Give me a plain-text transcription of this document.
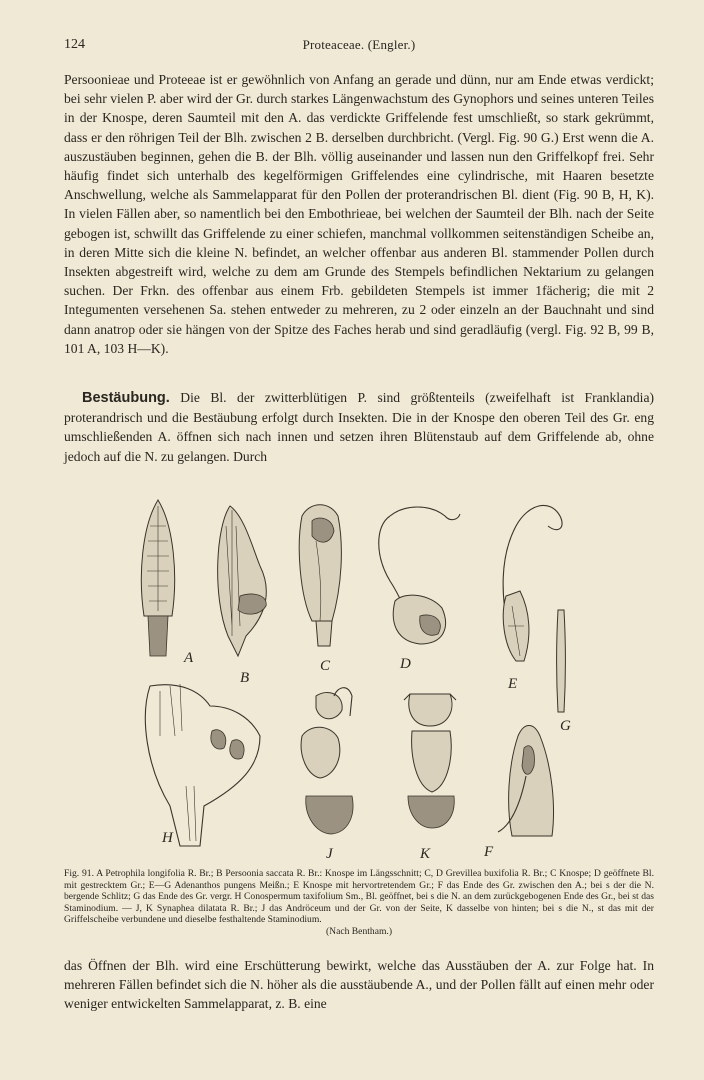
124	Proteaceae. (Engler.)

Persoonieae und Proteeae ist er gewöhnlich von Anfang an gerade und dünn, nur am Ende etwas verdickt; bei sehr vielen P. aber wird der Gr. durch starkes Längenwachstum des Gynophors und seines unteren Teiles in der Knospe, deren Saumteil mit den A. das verdickte Griffelende fest umschließt, so stark gekrümmt, dass er den röhrigen Teil der Blh. zwischen 2 B. derselben durchbricht. (Vergl. Fig. 90 G.) Erst wenn die A. auszustäuben beginnen, gehen die B. der Blh. völlig auseinander und lassen nun den Griffelkopf frei. Sehr häufig findet sich unterhalb des kegelförmigen Griffelendes eine cylindrische, mit Haaren besetzte Anschwellung, welche als Sammelapparat für den Pollen der proterandrischen Bl. dient (Fig. 90 B, H, K). In vielen Fällen aber, so namentlich bei den Embothrieae, bei welchen der Saumteil der Blh. nach der Seite gebogen ist, schwillt das Griffelende zu einer schiefen, manchmal vollkommen seitenständigen Scheibe an, in deren Mitte sich die kleine N. befindet, an welcher offenbar aus anderen Bl. stammender Pollen durch Insekten abgestreift wird, welche zu dem am Grunde des Stempels befindlichen Nektarium zu gelangen suchen. Der Frkn. des offenbar aus einem Frb. gebildeten Stempels ist immer 1fächerig; die mit 2 Integumenten versehenen Sa. stehen entweder zu mehreren, zu 2 oder einzeln an der Bauchnaht und sind dann anatrop oder sie hängen von der Spitze des Faches herab und sind geradläufig (vergl. Fig. 92 B, 99 B, 101 A, 103 H—K).

Bestäubung. Die Bl. der zwitterblütigen P. sind größtenteils (zweifelhaft ist Franklandia) proterandrisch und die Bestäubung erfolgt durch Insekten. Die in der Knospe den oberen Teil des Gr. eng umschließenden A. öffnen sich nach innen und setzen ihren Blütenstaub auf dem Griffelende ab, ohne jedoch auf die N. zu gelangen. Durch

A
B
C	D
E
G
H
J	K	F

Fig. 91. A Petrophila longifolia R. Br.; B Persoonia saccata R. Br.: Knospe im Längsschnitt; C, D Grevillea buxifolia R. Br.; C Knospe; D geöffnete Bl. mit gestrecktem Gr.; E—G Adenanthos pungens Meißn.; E Knospe mit hervortretendem Gr.; F das Ende des Gr. zwischen den A.; bei s der die N. bergende Schlitz; G das Ende des Gr. vergr. H Conospermum taxifolium Sm., Bl. geöffnet, bei s die N. an dem zurückgebogenen Ende des Gr., bei st das Staminodium. — J, K Synaphea dilatata R. Br.; J das Andröceum und der Gr. von der Seite, K dasselbe von hinten; bei s die N., st das mit der Griffelscheibe verbundene und dieselbe festhaltende Staminodium.

(Nach Bentham.)

das Öffnen der Blh. wird eine Erschütterung bewirkt, welche das Ausstäuben der A. zur Folge hat. In mehreren Fällen befindet sich die N. höher als die ausstäubende A., und der Pollen fällt auf einen mehr oder weniger entwickelten Sammelapparat, z. B. eine
